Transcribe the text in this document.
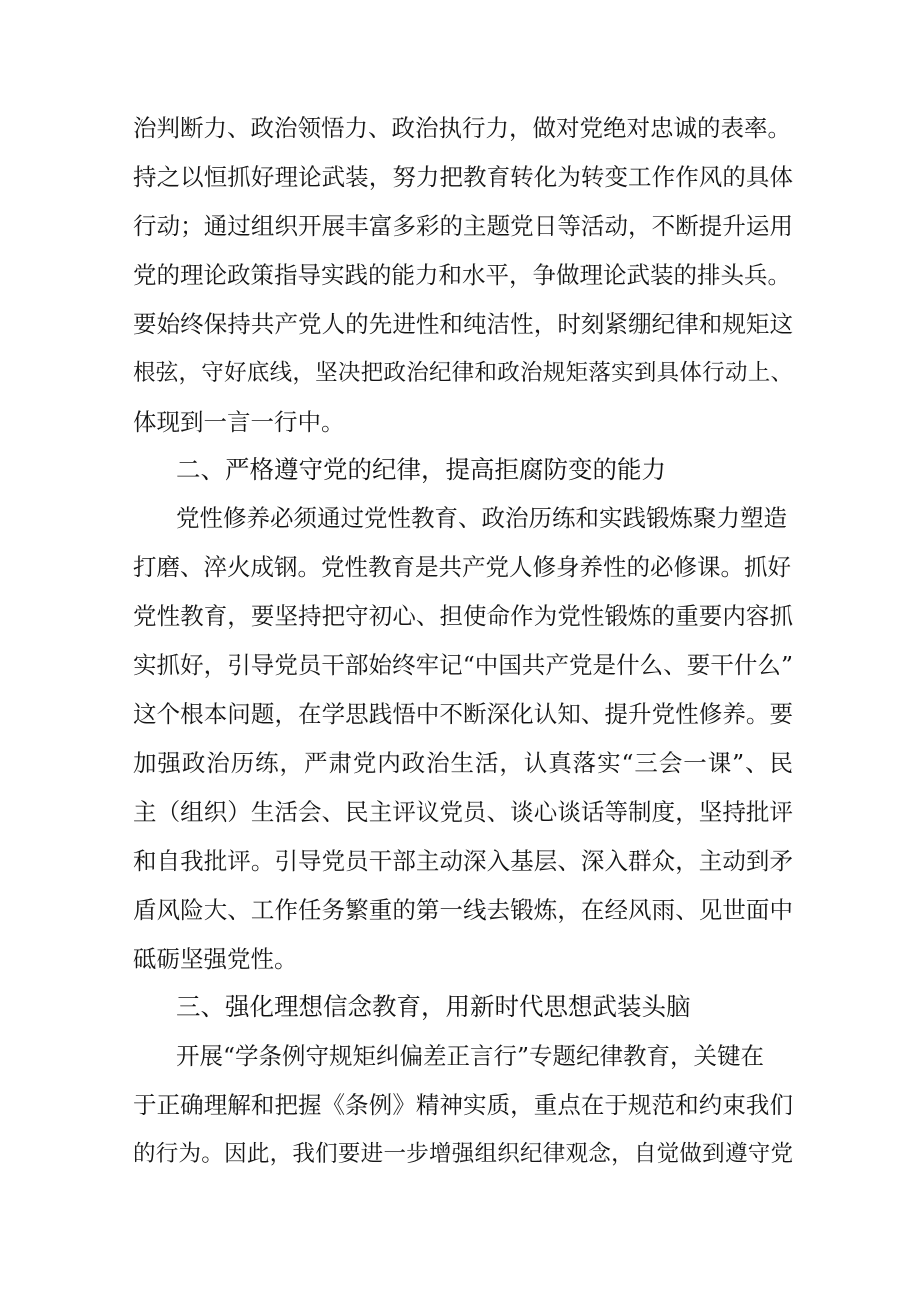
治判断力、政治领悟力、政治执行力，做对党绝对忠诚的表率。
持之以恒抓好理论武装，努力把教育转化为转变工作作风的具体
行动；通过组织开展丰富多彩的主题党日等活动，不断提升运用
党的理论政策指导实践的能力和水平，争做理论武装的排头兵。
要始终保持共产党人的先进性和纯洁性，时刻紧绷纪律和规矩这
根弦，守好底线，坚决把政治纪律和政治规矩落实到具体行动上、
体现到一言一行中。
二、严格遵守党的纪律，提高拒腐防变的能力
党性修养必须通过党性教育、政治历练和实践锻炼聚力塑造
打磨、淬火成钢。党性教育是共产党人修身养性的必修课。抓好
党性教育，要坚持把守初心、担使命作为党性锻炼的重要内容抓
实抓好，引导党员干部始终牢记“中国共产党是什么、要干什么”
这个根本问题，在学思践悟中不断深化认知、提升党性修养。要
加强政治历练，严肃党内政治生活，认真落实“三会一课”、民
主（组织）生活会、民主评议党员、谈心谈话等制度，坚持批评
和自我批评。引导党员干部主动深入基层、深入群众，主动到矛
盾风险大、工作任务繁重的第一线去锻炼，在经风雨、见世面中
砥砺坚强党性。
三、强化理想信念教育，用新时代思想武装头脑
开展“学条例守规矩纠偏差正言行”专题纪律教育，关键在
于正确理解和把握《条例》精神实质，重点在于规范和约束我们
的行为。因此，我们要进一步增强组织纪律观念，自觉做到遵守党
